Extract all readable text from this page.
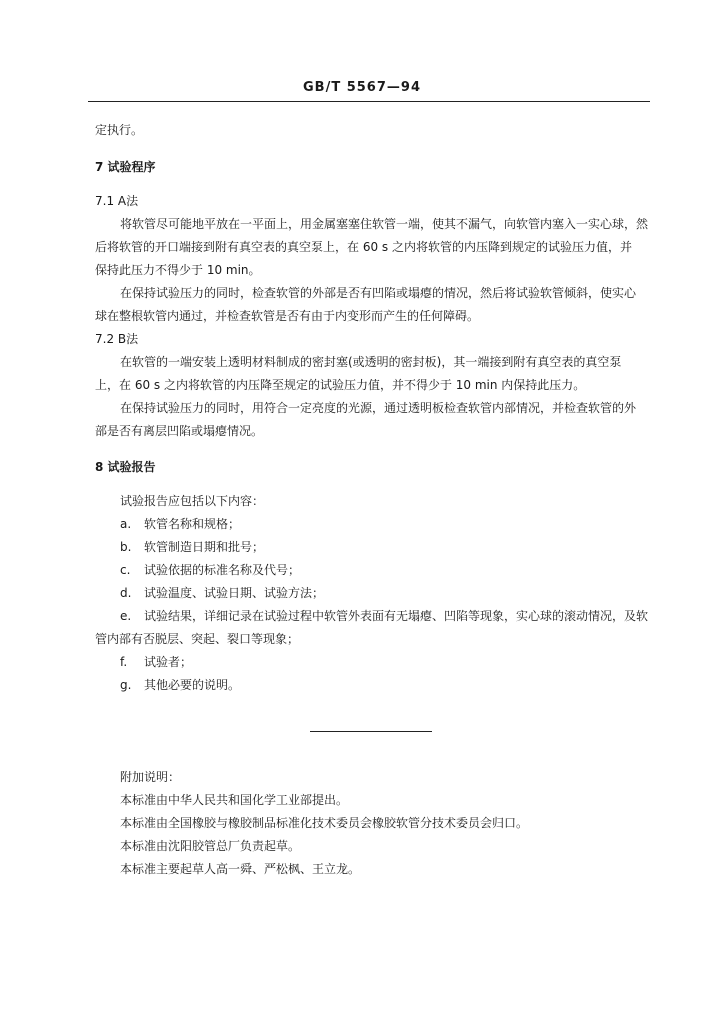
GB/T 5567—94
定执行。
7 试验程序
7.1 A法
将软管尽可能地平放在一平面上，用金属塞塞住软管一端，使其不漏气，向软管内塞入一实心球，然
后将软管的开口端接到附有真空表的真空泵上，在 60 s 之内将软管的内压降到规定的试验压力值，并
保持此压力不得少于 10 min。
在保持试验压力的同时，检查软管的外部是否有凹陷或塌瘪的情况，然后将试验软管倾斜，使实心
球在整根软管内通过，并检查软管是否有由于内变形而产生的任何障碍。
7.2 B法
在软管的一端安装上透明材料制成的密封塞(或透明的密封板)，其一端接到附有真空表的真空泵
上，在 60 s 之内将软管的内压降至规定的试验压力值，并不得少于 10 min 内保持此压力。
在保持试验压力的同时，用符合一定亮度的光源，通过透明板检查软管内部情况，并检查软管的外
部是否有离层凹陷或塌瘪情况。
8 试验报告
试验报告应包括以下内容：
a. 软管名称和规格；
b. 软管制造日期和批号；
c. 试验依据的标准名称及代号；
d. 试验温度、试验日期、试验方法；
e. 试验结果，详细记录在试验过程中软管外表面有无塌瘪、凹陷等现象，实心球的滚动情况，及软
管内部有否脱层、突起、裂口等现象；
f. 试验者；
g. 其他必要的说明。
附加说明：
本标准由中华人民共和国化学工业部提出。
本标准由全国橡胶与橡胶制品标准化技术委员会橡胶软管分技术委员会归口。
本标准由沈阳胶管总厂负责起草。
本标准主要起草人高一舜、严松枫、王立龙。
